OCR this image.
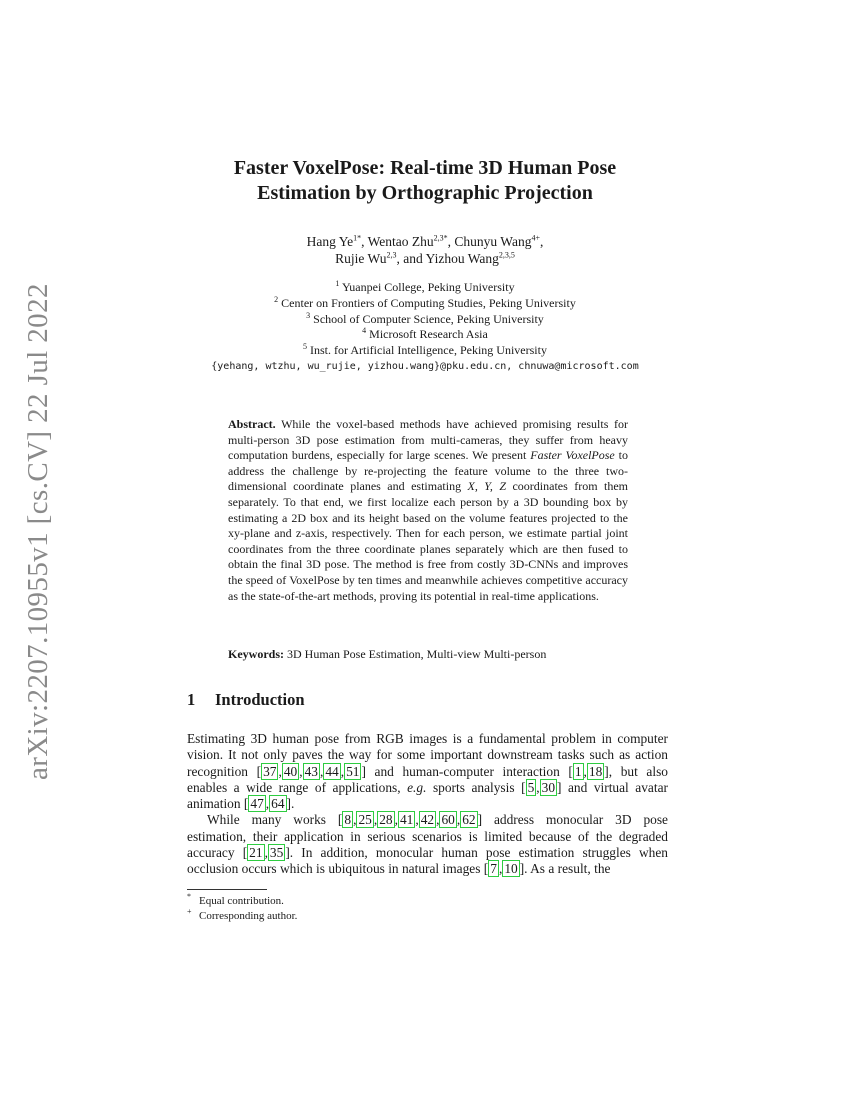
arXiv:2207.10955v1 [cs.CV] 22 Jul 2022
Faster VoxelPose: Real-time 3D Human Pose
Estimation by Orthographic Projection
Hang $Ye^{1*}$, Wentao Zhu$^{2,3*}$, Chunyu Wang$^{4+}$,
Rujie Wu$^{2,3}$, and Yizhou Wang$^{2,3,5}$
$^1$ Yuanpei College, Peking University
$^2$ Center on Frontiers of Computing Studies, Peking University
$^3$ School of Computer Science, Peking University
$^4$ Microsoft Research Asia
$^5$ Inst. for Artificial Intelligence, Peking University
{yehang, wtzhu, wu_rujie, yizhou.wang}@pku.edu.cn, chnuwa@microsoft.com
Abstract. While the voxel-based methods have achieved promising results for multi-person 3D pose estimation from multi-cameras, they suffer from heavy computation burdens, especially for large scenes. We present Faster VoxelPose to address the challenge by re-projecting the feature volume to the three two-dimensional coordinate planes and estimating X, Y, Z coordinates from them separately. To that end, we first localize each person by a 3D bounding box by estimating a 2D box and its height based on the volume features projected to the xy-plane and z-axis, respectively. Then for each person, we estimate partial joint coordinates from the three coordinate planes separately which are then fused to obtain the final 3D pose. The method is free from costly 3D-CNNs and improves the speed of VoxelPose by ten times and meanwhile achieves competitive accuracy as the state-of-the-art methods, proving its potential in real-time applications.
Keywords: 3D Human Pose Estimation, Multi-view Multi-person
1 Introduction

Estimating 3D human pose from RGB images is a fundamental problem in computer vision. It not only paves the way for some important downstream tasks such as action recognition [ 37 , 40 , 43 , 44 , 51 ] and human-computer interaction [ 1 , 18 ], but also enables a wide range of applications, e.g. sports analysis [ 5 , 30 ] and virtual avatar animation [ 47 , 64 ].

While many works [ 8 , 25 , 28 , 41 , 42 , 60 , 62 ] address monocular 3D pose estimation, their application in serious scenarios is limited because of the degraded accuracy [ 21 , 35 ]. In addition, monocular human pose estimation struggles when occlusion occurs which is ubiquitous in natural images [ 7 , 10 ]. As a result, the

* Equal contribution.
+ Corresponding author.
